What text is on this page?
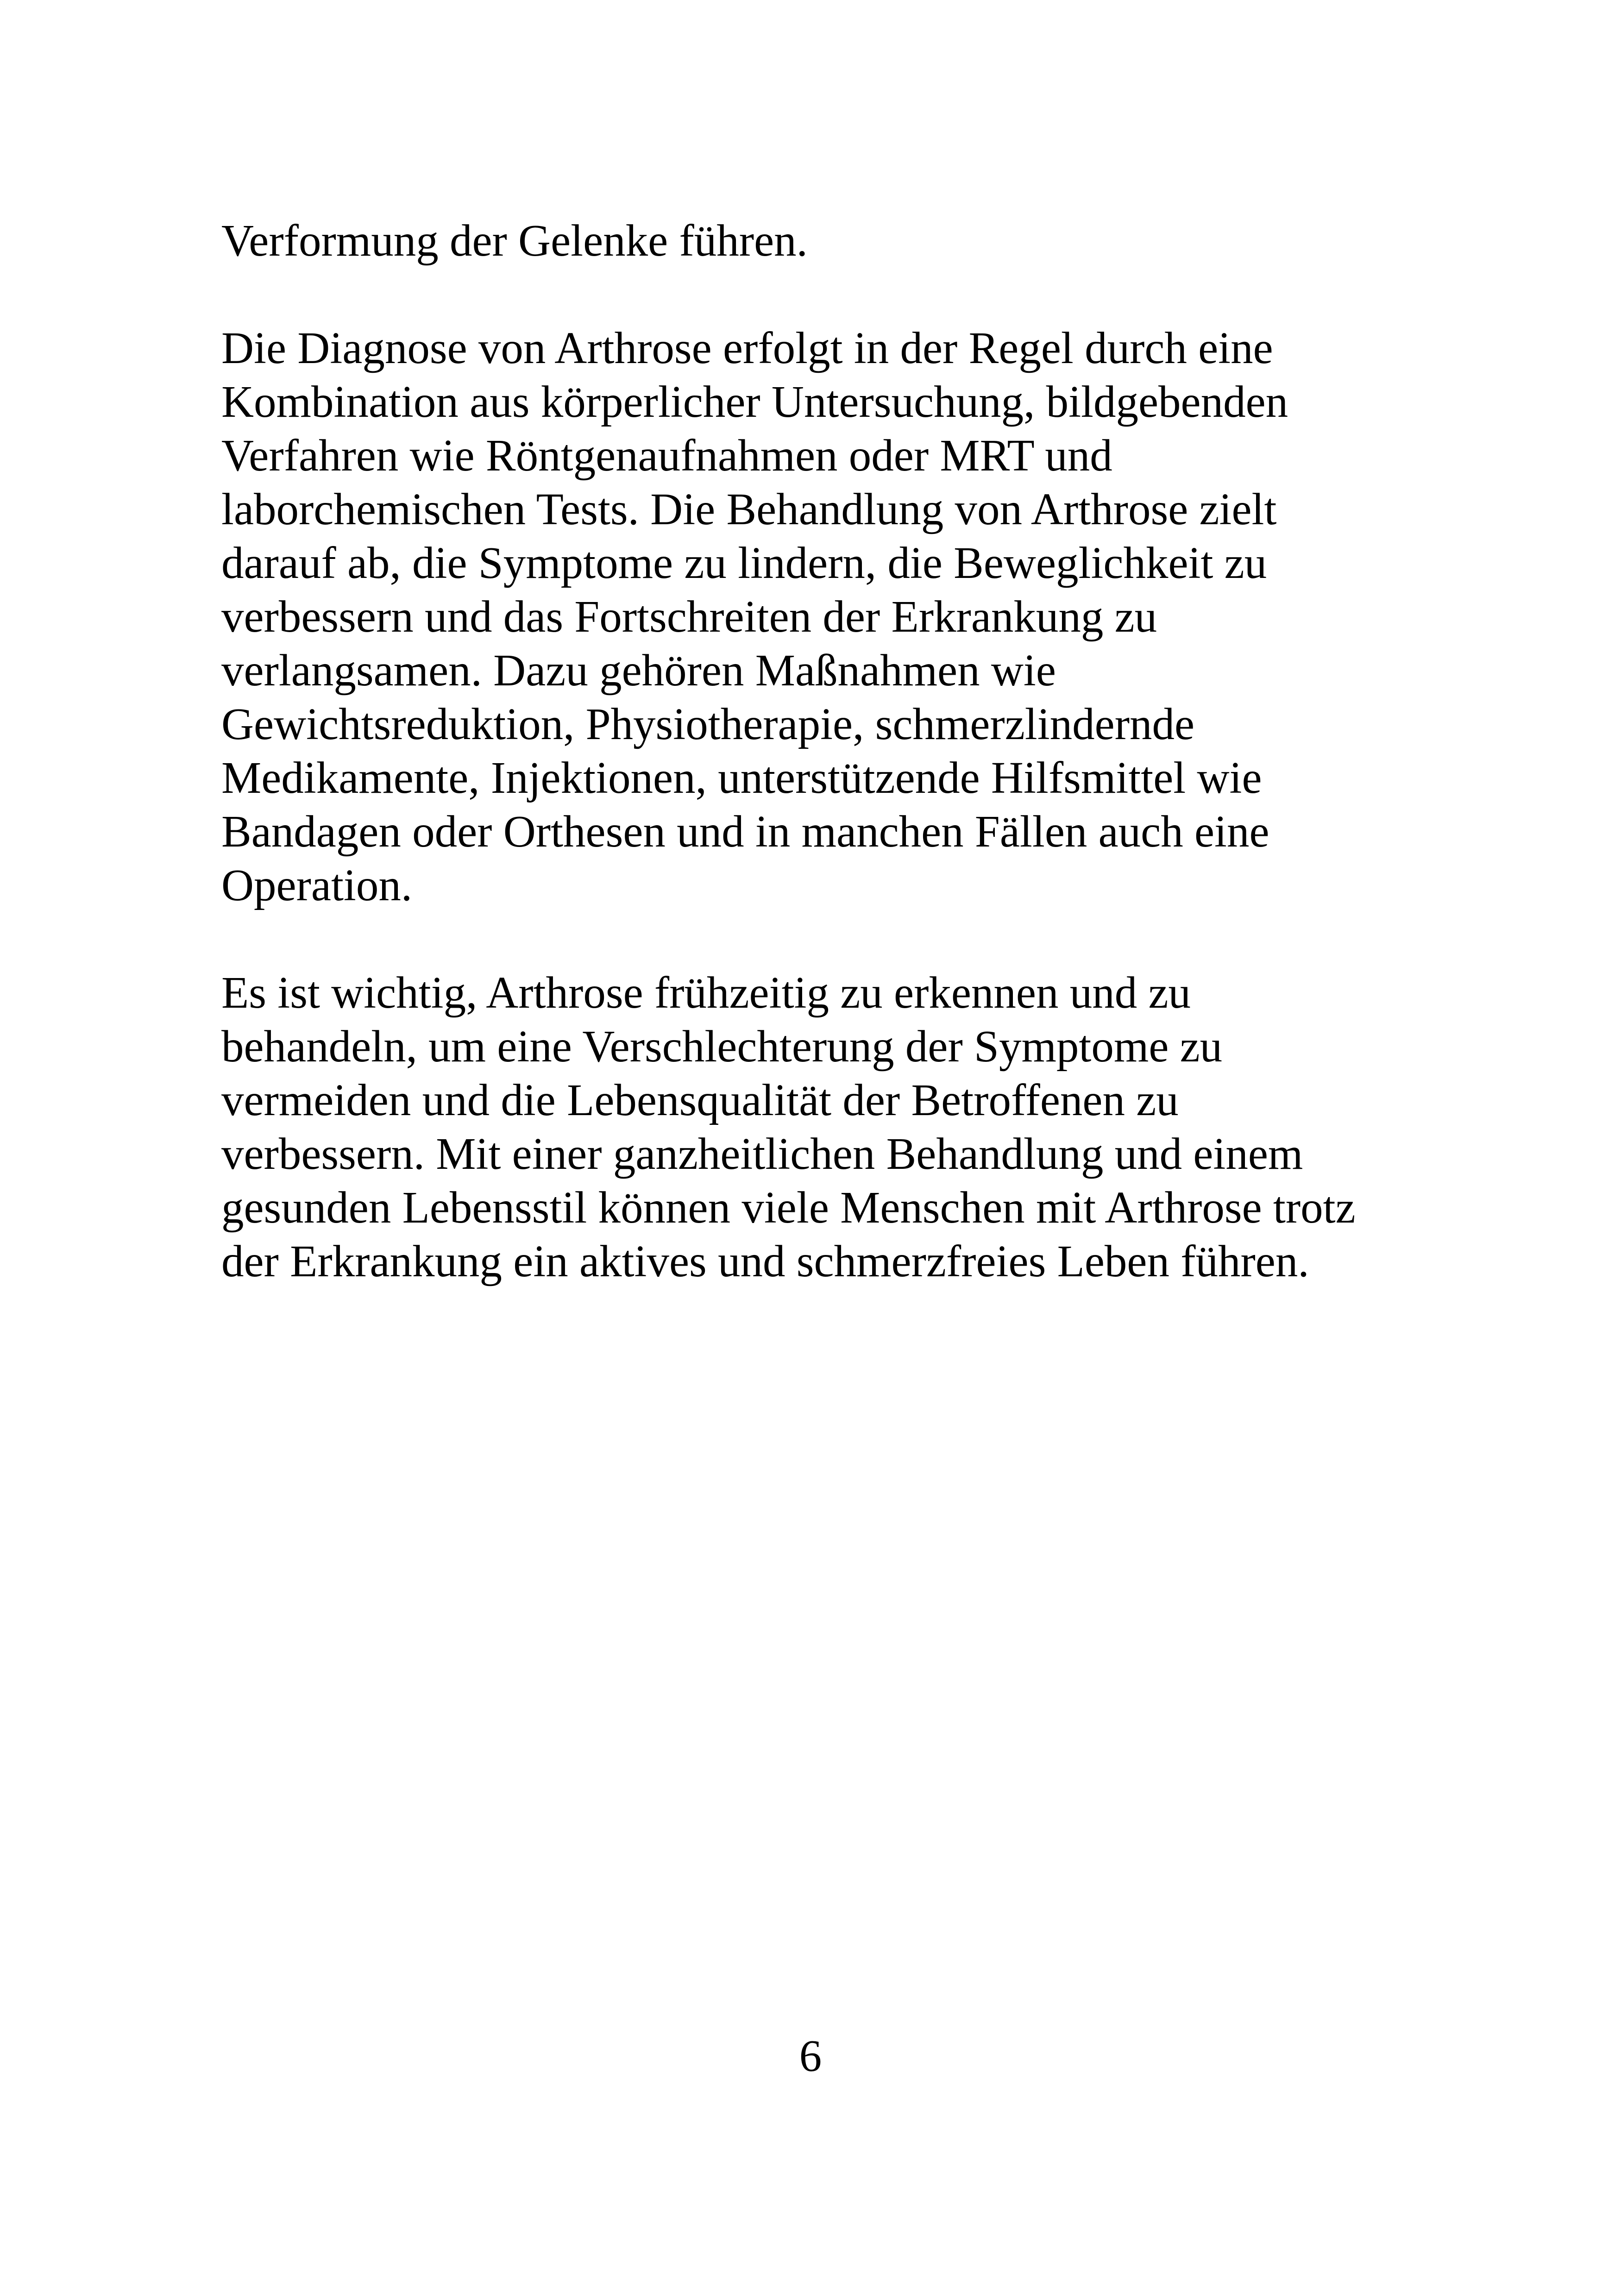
Verformung der Gelenke führen.
Die Diagnose von Arthrose erfolgt in der Regel durch eine
Kombination aus körperlicher Untersuchung, bildgebenden
Verfahren wie Röntgenaufnahmen oder MRT und
laborchemischen Tests. Die Behandlung von Arthrose zielt
darauf ab, die Symptome zu lindern, die Beweglichkeit zu
verbessern und das Fortschreiten der Erkrankung zu
verlangsamen. Dazu gehören Maßnahmen wie
Gewichtsreduktion, Physiotherapie, schmerzlindernde
Medikamente, Injektionen, unterstützende Hilfsmittel wie
Bandagen oder Orthesen und in manchen Fällen auch eine
Operation.
Es ist wichtig, Arthrose frühzeitig zu erkennen und zu
behandeln, um eine Verschlechterung der Symptome zu
vermeiden und die Lebensqualität der Betroffenen zu
verbessern. Mit einer ganzheitlichen Behandlung und einem
gesunden Lebensstil können viele Menschen mit Arthrose trotz
der Erkrankung ein aktives und schmerzfreies Leben führen.
6
